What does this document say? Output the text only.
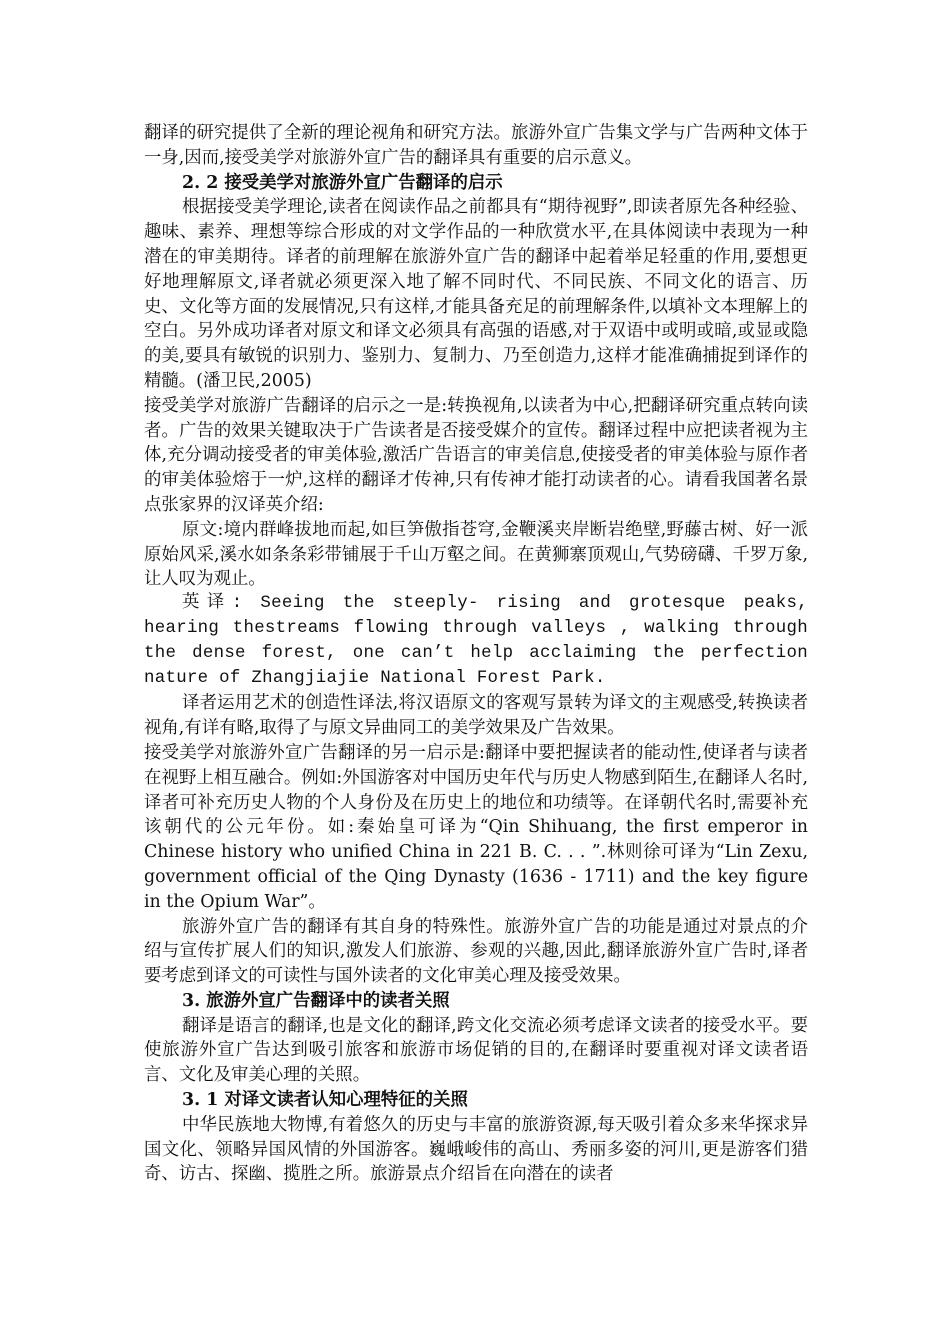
翻译的研究提供了全新的理论视角和研究方法。旅游外宣广告集文学与广告两种文体于一身,因而,接受美学对旅游外宣广告的翻译具有重要的启示意义。

2. 2 接受美学对旅游外宣广告翻译的启示

根据接受美学理论,读者在阅读作品之前都具有“期待视野”,即读者原先各种经验、趣味、素养、理想等综合形成的对文学作品的一种欣赏水平,在具体阅读中表现为一种潜在的审美期待。译者的前理解在旅游外宣广告的翻译中起着举足轻重的作用,要想更好地理解原文,译者就必须更深入地了解不同时代、不同民族、不同文化的语言、历史、文化等方面的发展情况,只有这样,才能具备充足的前理解条件,以填补文本理解上的空白。另外成功译者对原文和译文必须具有高强的语感,对于双语中或明或暗,或显或隐的美,要具有敏锐的识别力、鉴别力、复制力、乃至创造力,这样才能准确捕捉到译作的精髓。(潘卫民,2005)

接受美学对旅游广告翻译的启示之一是:转换视角,以读者为中心,把翻译研究重点转向读者。广告的效果关键取决于广告读者是否接受媒介的宣传。翻译过程中应把读者视为主体,充分调动接受者的审美体验,激活广告语言的审美信息,使接受者的审美体验与原作者的审美体验熔于一炉,这样的翻译才传神,只有传神才能打动读者的心。请看我国著名景点张家界的汉译英介绍:

原文:境内群峰拔地而起,如巨笋傲指苍穹,金鞭溪夹岸断岩绝壁,野藤古树、好一派原始风采,溪水如条条彩带铺展于千山万壑之间。在黄狮寨顶观山,气势磅礴、千罗万象,让人叹为观止。

英译: Seeing the steeply- rising and grotesque peaks, hearing thestreams flowing through valleys , walking through the dense forest, one can’t help acclaiming the perfection nature of Zhangjiajie National Forest Park.

译者运用艺术的创造性译法,将汉语原文的客观写景转为译文的主观感受,转换读者视角,有详有略,取得了与原文异曲同工的美学效果及广告效果。

接受美学对旅游外宣广告翻译的另一启示是:翻译中要把握读者的能动性,使译者与读者在视野上相互融合。例如:外国游客对中国历史年代与历史人物感到陌生,在翻译人名时,译者可补充历史人物的个人身份及在历史上的地位和功绩等。在译朝代名时,需要补充该朝代的公元年份。如:秦始皇可译为“Qin Shihuang, the first emperor in Chinese history who unified China in 221 B. C. . . ”.林则徐可译为“Lin Zexu, government official of the Qing Dynasty (1636 - 1711) and the key figure in the Opium War”。

旅游外宣广告的翻译有其自身的特殊性。旅游外宣广告的功能是通过对景点的介绍与宣传扩展人们的知识,激发人们旅游、参观的兴趣,因此,翻译旅游外宣广告时,译者要考虑到译文的可读性与国外读者的文化审美心理及接受效果。

3. 旅游外宣广告翻译中的读者关照

翻译是语言的翻译,也是文化的翻译,跨文化交流必须考虑译文读者的接受水平。要使旅游外宣广告达到吸引旅客和旅游市场促销的目的,在翻译时要重视对译文读者语言、文化及审美心理的关照。

3. 1 对译文读者认知心理特征的关照

中华民族地大物博,有着悠久的历史与丰富的旅游资源,每天吸引着众多来华探求异国文化、领略异国风情的外国游客。巍峨峻伟的高山、秀丽多姿的河川,更是游客们猎奇、访古、探幽、揽胜之所。旅游景点介绍旨在向潜在的读者
